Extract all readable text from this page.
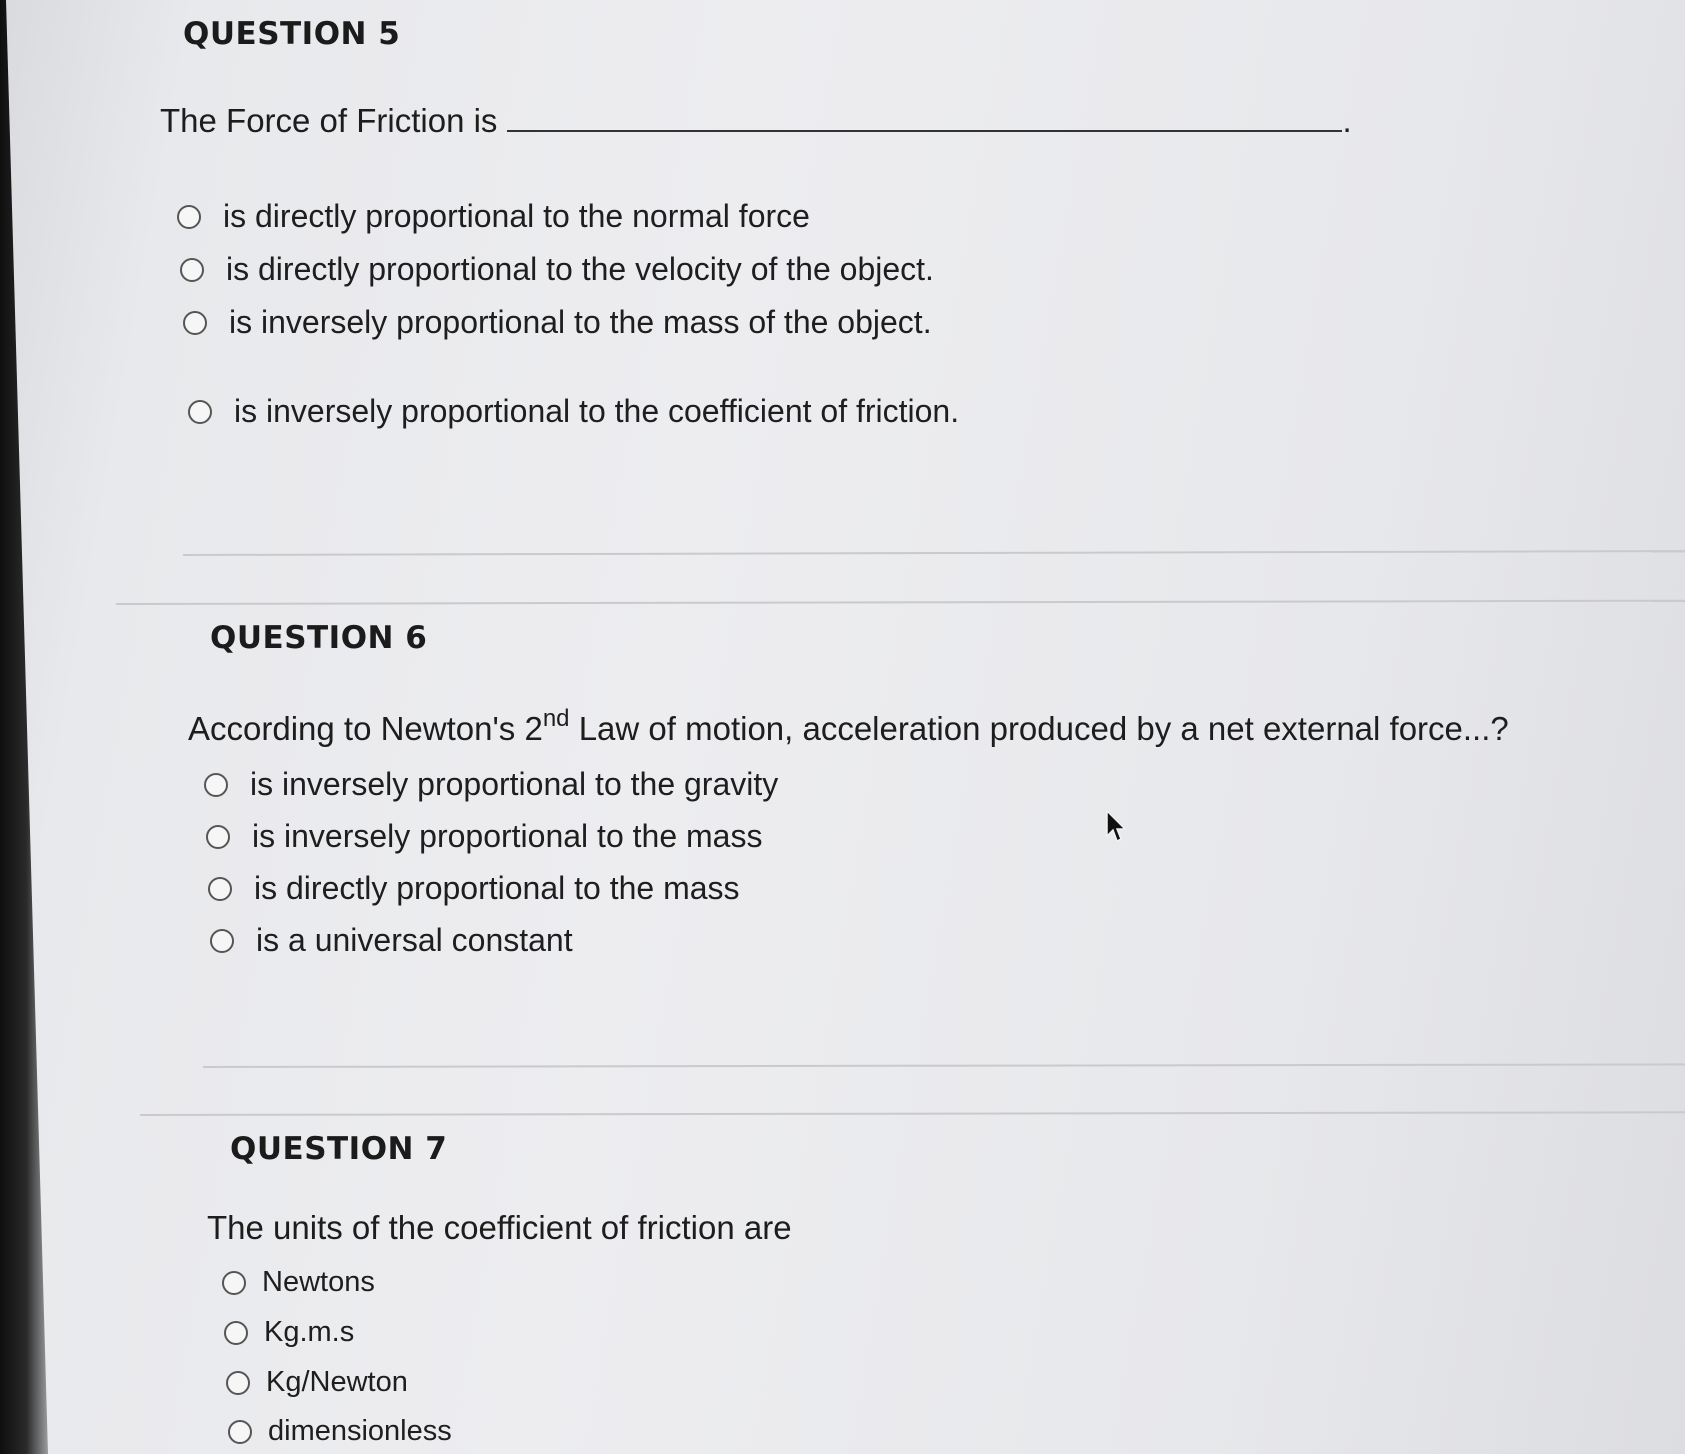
QUESTION 5
The Force of Friction is	.
is directly proportional to the normal force
is directly proportional to the velocity of the object.
is inversely proportional to the mass of the object.
is inversely proportional to the coefficient of friction.
QUESTION 6
According to Newton's 2nd Law of motion, acceleration produced by a net external force...?
is inversely proportional to the gravity
is inversely proportional to the mass
is directly proportional to the mass
is a universal constant
QUESTION 7
The units of the coefficient of friction are
Newtons
Kg.m.s
Kg/Newton
dimensionless
